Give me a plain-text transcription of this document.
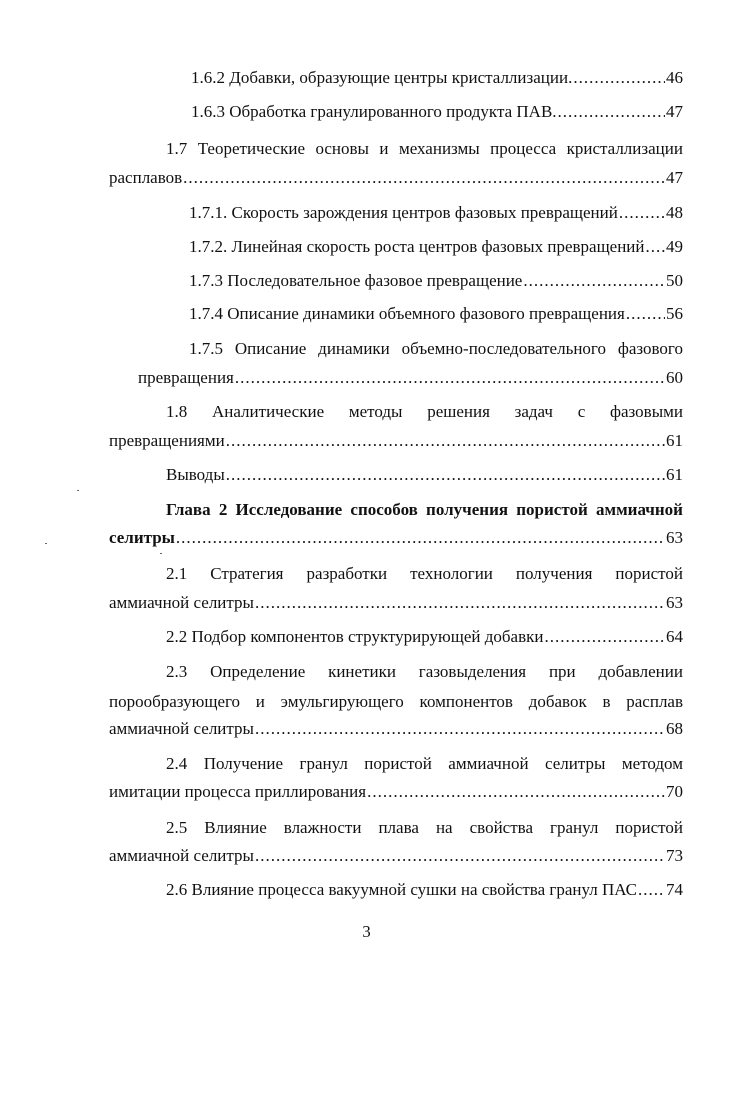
1.6.2 Добавки, образующие центры кристаллизации. .....	46
1.6.3 Обработка гранулированного продукта ПАВ. .....	47
1.7 Теоретические основы и механизмы процесса кристаллизации
расплавов .....	47
1.7.1. Скорость зарождения центров фазовых превращений .....	48
1.7.2. Линейная скорость роста центров фазовых превращений ..... 49
1.7.3 Последовательное фазовое превращение .....	50
1.7.4 Описание динамики объемного фазового превращения ..... 56
1.7.5 Описание динамики объемно-последовательного фазового
превращения .....	60
1.8 Аналитические методы решения задач с фазовыми
превращениями .....	61
Выводы .....	61
Глава 2 Исследование способов получения пористой аммиачной
селитры .....	63
2.1 Стратегия разработки технологии получения пористой
аммиачной селитры .....	63
2.2 Подбор компонентов структурирующей добавки .....	64
2.3 Определение кинетики газовыделения при добавлении
порообразующего и эмульгирующего компонентов добавок в расплав
аммиачной селитры .....	68
2.4 Получение гранул пористой аммиачной селитры методом
имитации процесса приллирования .....	70
2.5 Влияние влажности плава на свойства гранул пористой
аммиачной селитры .....	73
2.6 Влияние процесса вакуумной сушки на свойства гранул ПАС ..... 74
3
